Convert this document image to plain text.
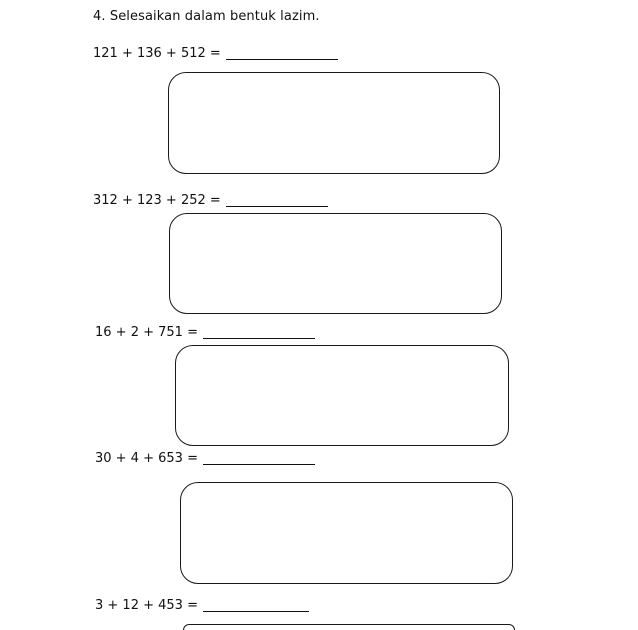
4. Selesaikan dalam bentuk lazim.
121 + 136 + 512 =
312 + 123 + 252 =
16 + 2 + 751 =
30 + 4 + 653 =
3 + 12 + 453 =
